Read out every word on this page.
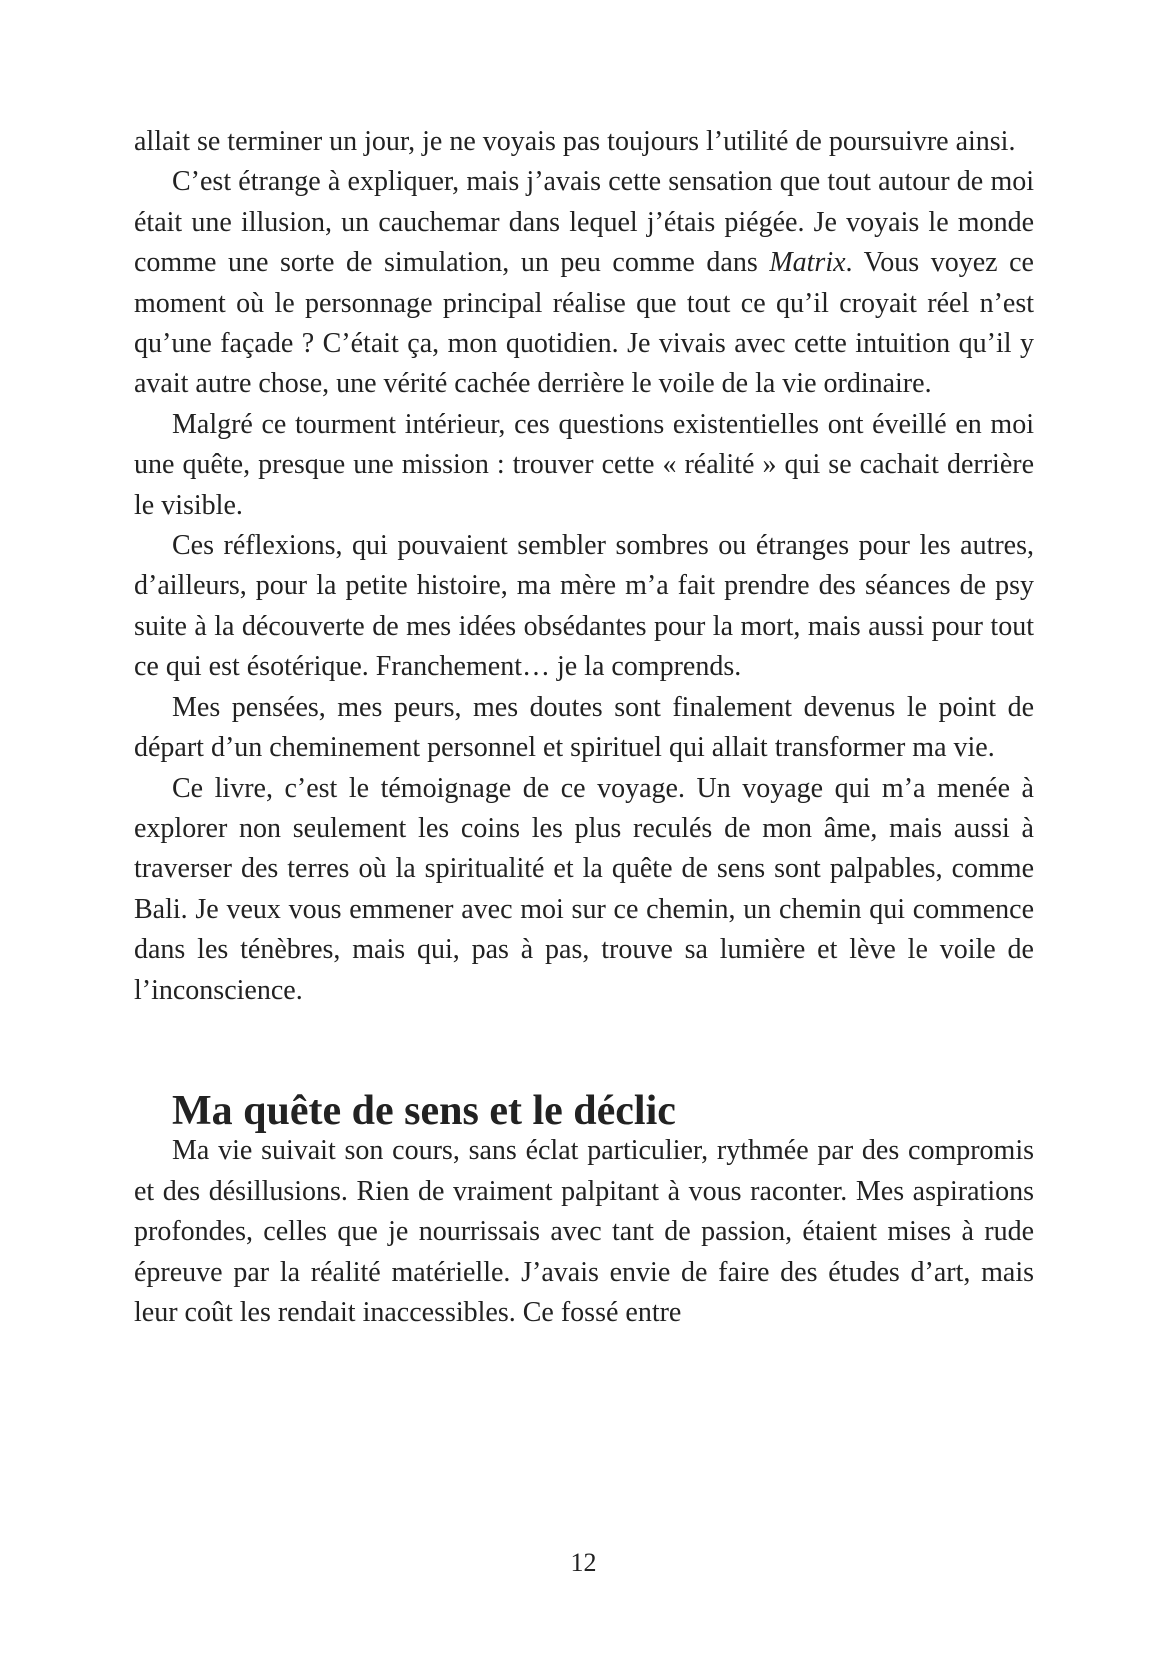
allait se terminer un jour, je ne voyais pas toujours l’utilité de poursuivre ainsi.

C’est étrange à expliquer, mais j’avais cette sensation que tout autour de moi était une illusion, un cauchemar dans lequel j’étais piégée. Je voyais le monde comme une sorte de simulation, un peu comme dans Matrix. Vous voyez ce moment où le personnage principal réalise que tout ce qu’il croyait réel n’est qu’une façade ? C’était ça, mon quotidien. Je vivais avec cette intuition qu’il y avait autre chose, une vérité cachée derrière le voile de la vie ordinaire.

Malgré ce tourment intérieur, ces questions existentielles ont éveillé en moi une quête, presque une mission : trouver cette « réalité » qui se cachait derrière le visible.

Ces réflexions, qui pouvaient sembler sombres ou étranges pour les autres, d’ailleurs, pour la petite histoire, ma mère m’a fait prendre des séances de psy suite à la découverte de mes idées obsédantes pour la mort, mais aussi pour tout ce qui est ésotérique. Franchement… je la comprends.

Mes pensées, mes peurs, mes doutes sont finalement devenus le point de départ d’un cheminement personnel et spirituel qui allait transformer ma vie.

Ce livre, c’est le témoignage de ce voyage. Un voyage qui m’a menée à explorer non seulement les coins les plus reculés de mon âme, mais aussi à traverser des terres où la spiritualité et la quête de sens sont palpables, comme Bali. Je veux vous emmener avec moi sur ce chemin, un chemin qui commence dans les ténèbres, mais qui, pas à pas, trouve sa lumière et lève le voile de l’inconscience.

Ma quête de sens et le déclic

Ma vie suivait son cours, sans éclat particulier, rythmée par des compromis et des désillusions. Rien de vraiment palpitant à vous raconter. Mes aspirations profondes, celles que je nourrissais avec tant de passion, étaient mises à rude épreuve par la réalité matérielle. J’avais envie de faire des études d’art, mais leur coût les rendait inaccessibles. Ce fossé entre

12
